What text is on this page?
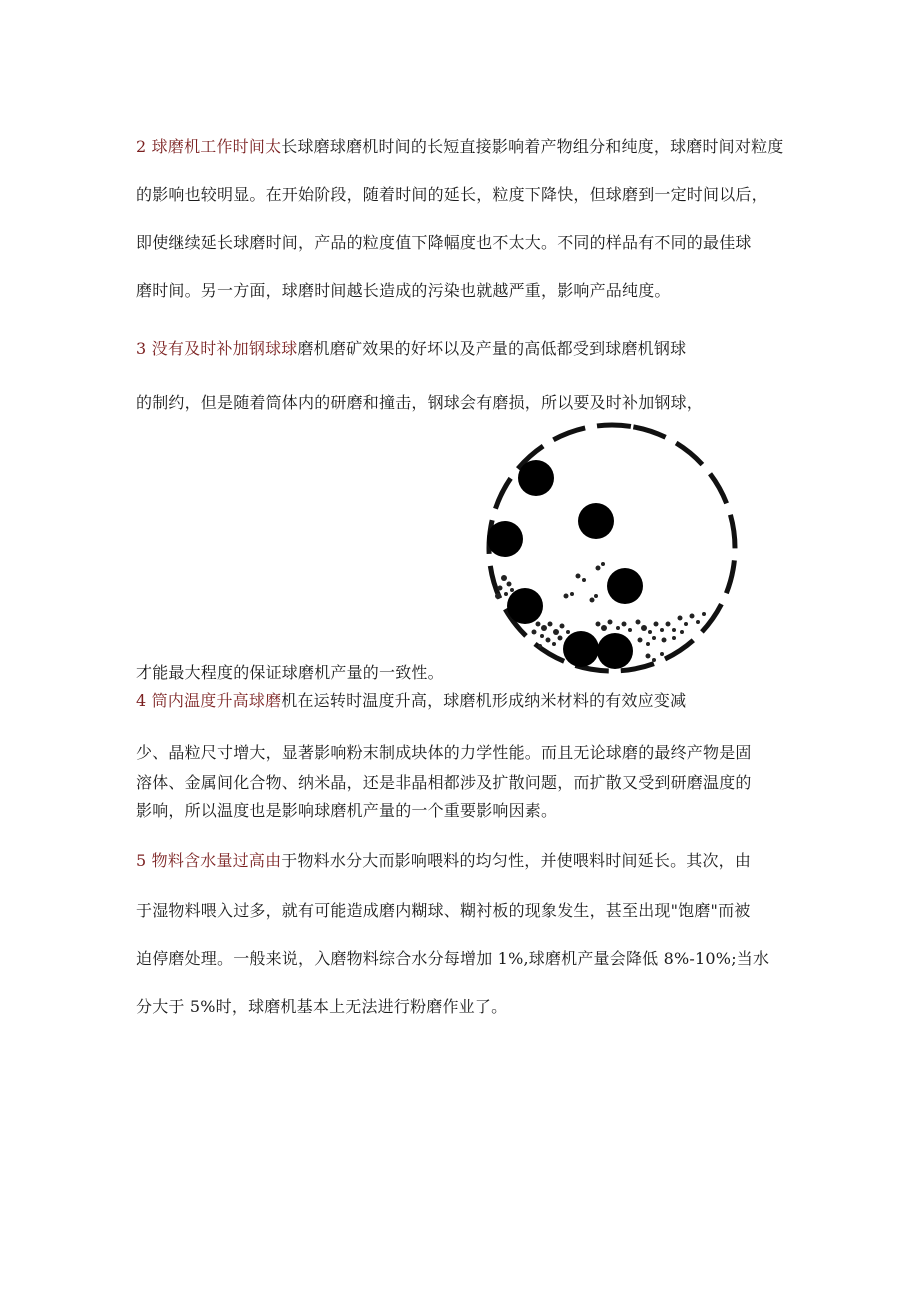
2 球磨机工作时间太长球磨球磨机时间的长短直接影响着产物组分和纯度，球磨时间对粒度
的影响也较明显。在开始阶段，随着时间的延长，粒度下降快，但球磨到一定时间以后，
即使继续延长球磨时间，产品的粒度值下降幅度也不太大。不同的样品有不同的最佳球
磨时间。另一方面，球磨时间越长造成的污染也就越严重，影响产品纯度。
3 没有及时补加钢球球磨机磨矿效果的好坏以及产量的高低都受到球磨机钢球
的制约，但是随着筒体内的研磨和撞击，钢球会有磨损，所以要及时补加钢球，
才能最大程度的保证球磨机产量的一致性。
4 筒内温度升高球磨机在运转时温度升高，球磨机形成纳米材料的有效应变减
少、晶粒尺寸增大，显著影响粉末制成块体的力学性能。而且无论球磨的最终产物是固
溶体、金属间化合物、纳米晶，还是非晶相都涉及扩散问题，而扩散又受到研磨温度的
影响，所以温度也是影响球磨机产量的一个重要影响因素。
5 物料含水量过高由于物料水分大而影响喂料的均匀性，并使喂料时间延长。其次，由
于湿物料喂入过多，就有可能造成磨内糊球、糊衬板的现象发生，甚至出现"饱磨"而被
迫停磨处理。一般来说，入磨物料综合水分每增加 1%,球磨机产量会降低 8%-10%;当水
分大于 5%时，球磨机基本上无法进行粉磨作业了。
